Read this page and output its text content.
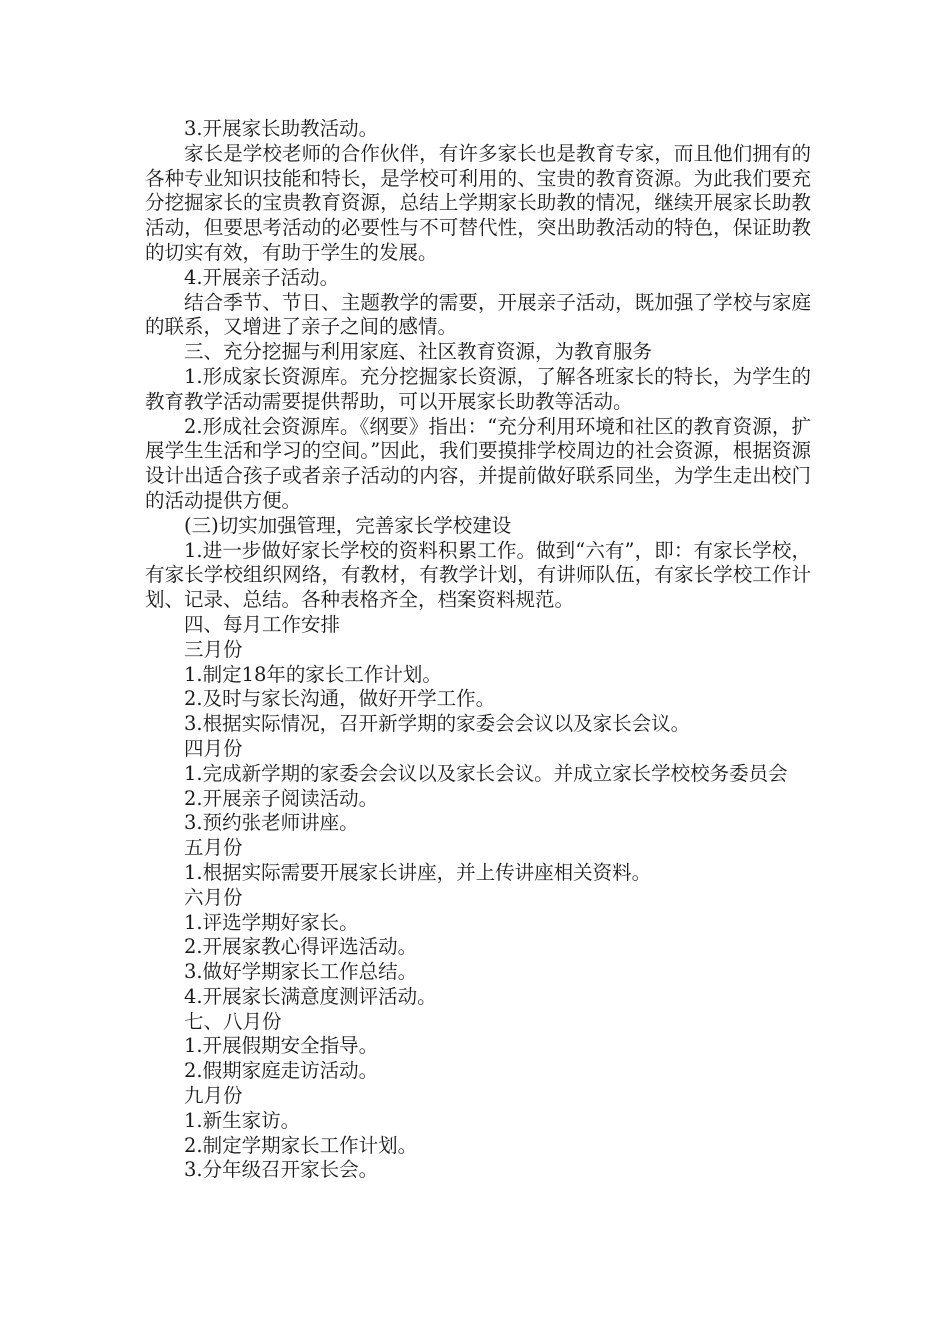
3.开展家长助教活动。

家长是学校老师的合作伙伴，有许多家长也是教育专家，而且他们拥有的各种专业知识技能和特长，是学校可利用的、宝贵的教育资源。为此我们要充分挖掘家长的宝贵教育资源，总结上学期家长助教的情况，继续开展家长助教活动，但要思考活动的必要性与不可替代性，突出助教活动的特色，保证助教的切实有效，有助于学生的发展。

4.开展亲子活动。

结合季节、节日、主题教学的需要，开展亲子活动，既加强了学校与家庭的联系，又增进了亲子之间的感情。

三、充分挖掘与利用家庭、社区教育资源，为教育服务

1.形成家长资源库。充分挖掘家长资源，了解各班家长的特长，为学生的教育教学活动需要提供帮助，可以开展家长助教等活动。

2.形成社会资源库。《纲要》指出：“充分利用环境和社区的教育资源，扩展学生生活和学习的空间。”因此，我们要摸排学校周边的社会资源，根据资源设计出适合孩子或者亲子活动的内容，并提前做好联系同坐，为学生走出校门的活动提供方便。

(三)切实加强管理，完善家长学校建设

1.进一步做好家长学校的资料积累工作。做到“六有”，即：有家长学校，有家长学校组织网络，有教材，有教学计划，有讲师队伍，有家长学校工作计划、记录、总结。各种表格齐全，档案资料规范。

四、每月工作安排

三月份

1.制定18年的家长工作计划。

2.及时与家长沟通，做好开学工作。

3.根据实际情况，召开新学期的家委会会议以及家长会议。

四月份

1.完成新学期的家委会会议以及家长会议。并成立家长学校校务委员会

2.开展亲子阅读活动。

3.预约张老师讲座。

五月份

1.根据实际需要开展家长讲座，并上传讲座相关资料。

六月份

1.评选学期好家长。

2.开展家教心得评选活动。

3.做好学期家长工作总结。

4.开展家长满意度测评活动。

七、八月份

1.开展假期安全指导。

2.假期家庭走访活动。

九月份

1.新生家访。

2.制定学期家长工作计划。

3.分年级召开家长会。
